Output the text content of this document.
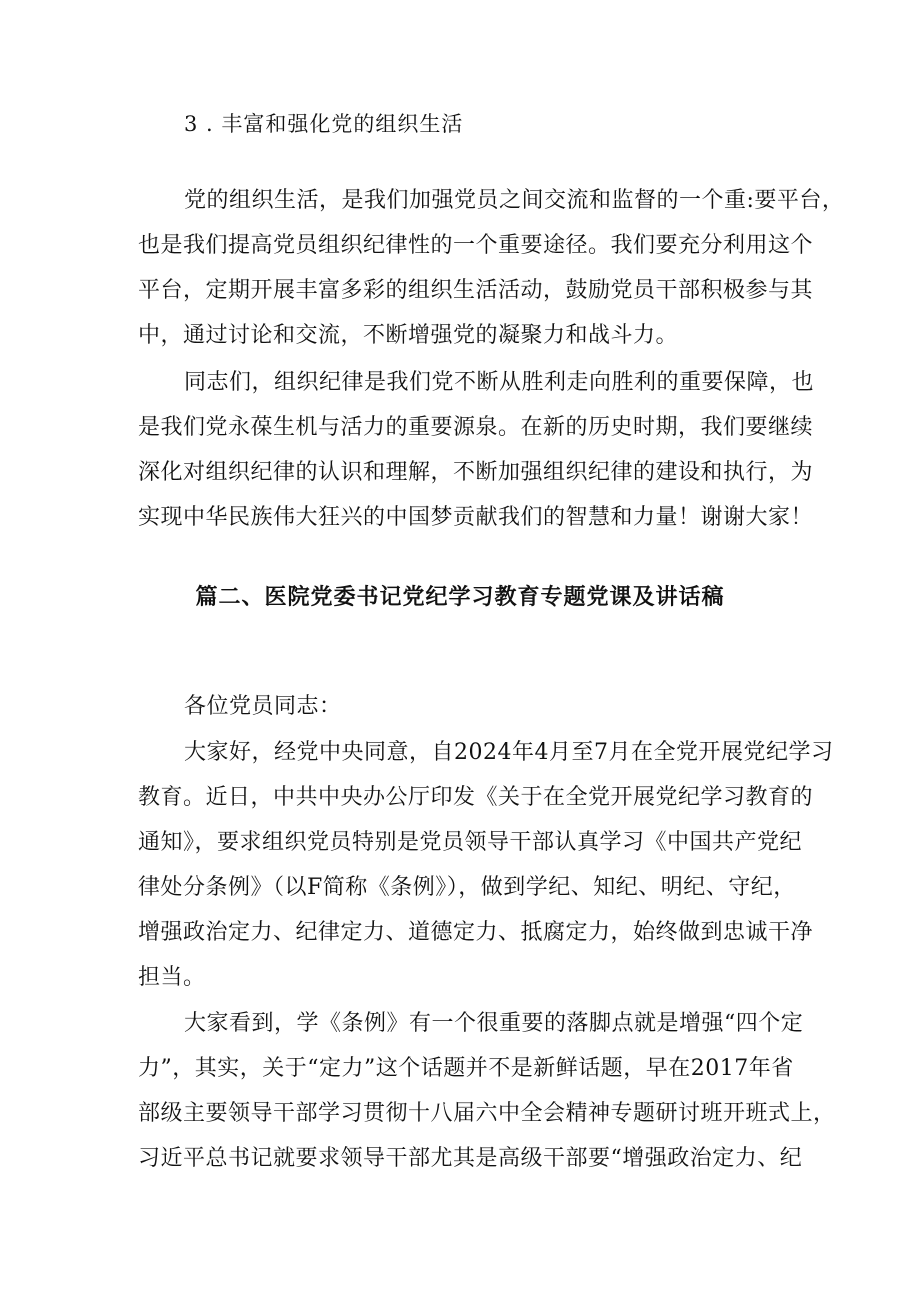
3 . 丰富和强化党的组织生活
党的组织生活，是我们加强党员之间交流和监督的一个重:要平台，
也是我们提高党员组织纪律性的一个重要途径。我们要充分利用这个
平台，定期开展丰富多彩的组织生活活动，鼓励党员干部积极参与其
中，通过讨论和交流，不断增强党的凝聚力和战斗力。
同志们，组织纪律是我们党不断从胜利走向胜利的重要保障，也
是我们党永葆生机与活力的重要源泉。在新的历史时期，我们要继续
深化对组织纪律的认识和理解，不断加强组织纪律的建设和执行，为
实现中华民族伟大狂兴的中国梦贡献我们的智慧和力量！谢谢大家！
篇二、医院党委书记党纪学习教育专题党课及讲话稿
各位党员同志：
大家好，经党中央同意，自2024年4月至7月在全党开展党纪学习
教育。近日，中共中央办公厅印发《关于在全党开展党纪学习教育的
通知》，要求组织党员特别是党员领导干部认真学习《中国共产党纪
律处分条例》（以F简称《条例》），做到学纪、知纪、明纪、守纪，
增强政治定力、纪律定力、道德定力、抵腐定力，始终做到忠诚干净
担当。
大家看到，学《条例》有一个很重要的落脚点就是增强“四个定
力”，其实，关于“定力”这个话题并不是新鲜话题，早在2017年省
部级主要领导干部学习贯彻十八届六中全会精神专题研讨班开班式上，
习近平总书记就要求领导干部尤其是高级干部要“增强政治定力、纪
